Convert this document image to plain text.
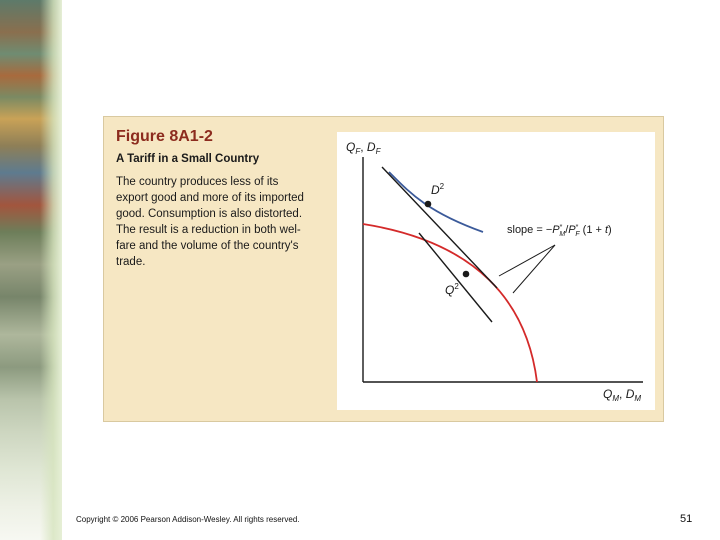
Figure 8A1-2
A Tariff in a Small Country
The country produces less of its
export good and more of its imported
good. Consumption is also distorted.
The result is a reduction in both wel-
fare and the volume of the country's
trade.
$Q_F$, $D_F$
$Q_M$, $D_M$
$D^2$
$Q^2$
slope = −P* M/P* F (1 + t)
Copyright © 2006 Pearson Addison-Wesley. All rights reserved.	51
